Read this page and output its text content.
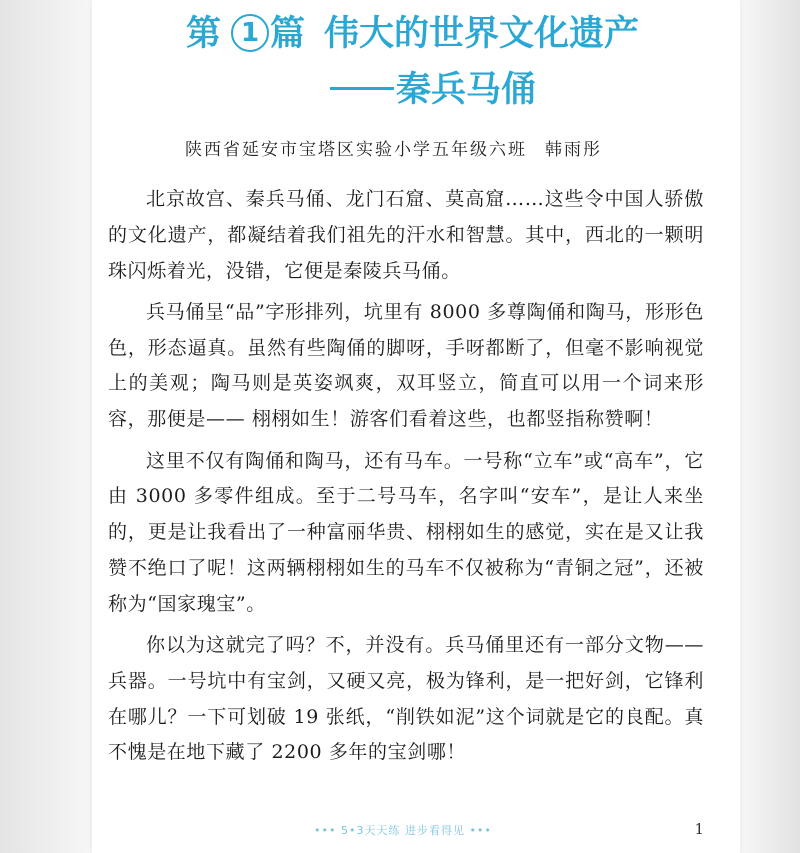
第 1 篇 伟大的世界文化遗产
秦兵马俑
陕西省延安市宝塔区实验小学五年级六班 韩雨彤

北京故宫、秦兵马俑、龙门石窟、莫高窟……这些令中国人骄傲的文化遗产，都凝结着我们祖先的汗水和智慧。其中，西北的一颗明珠闪烁着光，没错，它便是秦陵兵马俑。

兵马俑呈“品”字形排列，坑里有 8000 多尊陶俑和陶马，形形色色，形态逼真。虽然有些陶俑的脚呀，手呀都断了，但毫不影响视觉上的美观；陶马则是英姿飒爽，双耳竖立，简直可以用一个词来形容，那便是—— 栩栩如生！游客们看着这些，也都竖指称赞啊！

这里不仅有陶俑和陶马，还有马车。一号称“立车”或“高车”，它由 3000 多零件组成。至于二号马车，名字叫“安车”，是让人来坐的，更是让我看出了一种富丽华贵、栩栩如生的感觉，实在是又让我赞不绝口了呢！这两辆栩栩如生的马车不仅被称为“青铜之冠”，还被称为“国家瑰宝”。

你以为这就完了吗？不，并没有。兵马俑里还有一部分文物——兵器。一号坑中有宝剑，又硬又亮，极为锋利，是一把好剑，它锋利在哪儿？一下可划破 19 张纸，“削铁如泥”这个词就是它的良配。真不愧是在地下藏了 2200 多年的宝剑哪！

••• 5•3天天练 进步看得见 •••	1
